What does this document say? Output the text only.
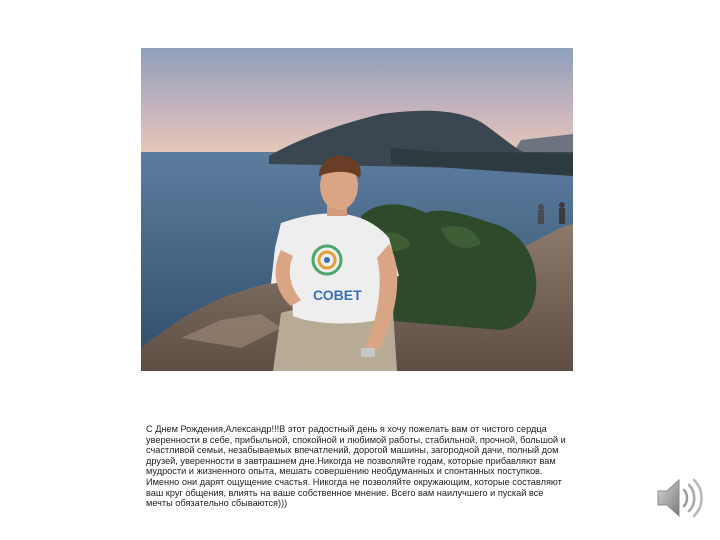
СОВЕТ
С Днем Рождения,Александр!!!В этот радостный день я хочу пожелать вам от чистого сердца уверенности в себе, прибыльной, спокойной и любимой работы, стабильной, прочной, большой и счастливой семьи, незабываемых впечатлений, дорогой машины, загородной дачи, полный дом друзей, уверенности в завтрашнем дне.Никогда не позволяйте годам, которые прибавляют вам мудрости и жизненного опыта, мешать совершению необдуманных и спонтанных поступков. Именно они дарят ощущение счастья. Никогда не позволяйте окружающим, которые составляют ваш круг общения, влиять на ваше собственное мнение. Всего вам наилучшего и пускай все мечты обязательно сбываются)))
